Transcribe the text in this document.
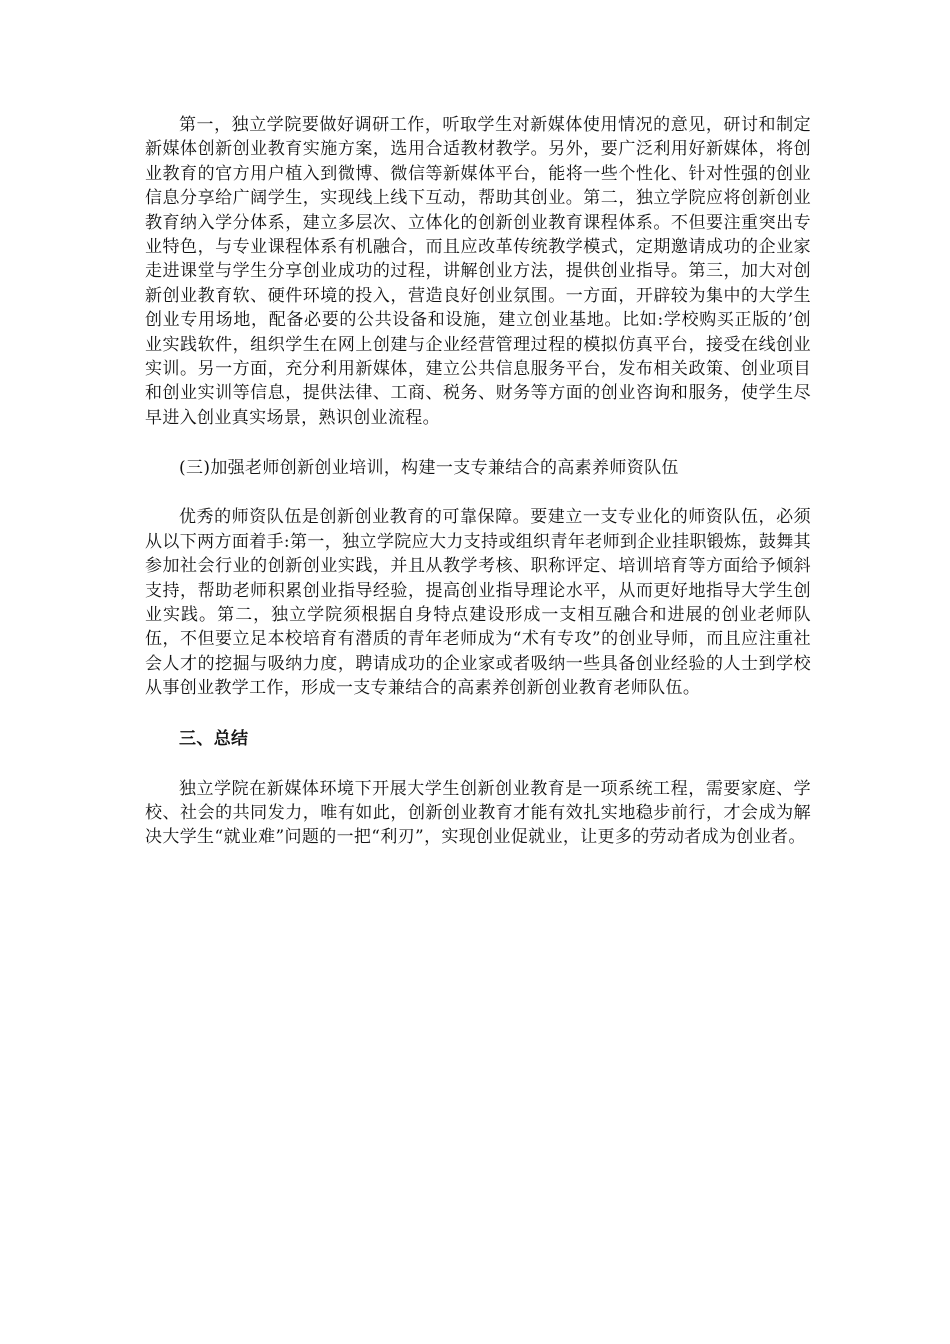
第一，独立学院要做好调研工作，听取学生对新媒体使用情况的意见，研讨和制定新媒体创新创业教育实施方案，选用合适教材教学。另外，要广泛利用好新媒体，将创业教育的官方用户植入到微博、微信等新媒体平台，能将一些个性化、针对性强的创业信息分享给广阔学生，实现线上线下互动，帮助其创业。第二，独立学院应将创新创业教育纳入学分体系，建立多层次、立体化的创新创业教育课程体系。不但要注重突出专业特色，与专业课程体系有机融合，而且应改革传统教学模式，定期邀请成功的企业家走进课堂与学生分享创业成功的过程，讲解创业方法，提供创业指导。第三，加大对创新创业教育软、硬件环境的投入，营造良好创业氛围。一方面，开辟较为集中的大学生创业专用场地，配备必要的公共设备和设施，建立创业基地。比如:学校购买正版的’创业实践软件，组织学生在网上创建与企业经营管理过程的模拟仿真平台，接受在线创业实训。另一方面，充分利用新媒体，建立公共信息服务平台，发布相关政策、创业项目和创业实训等信息，提供法律、工商、税务、财务等方面的创业咨询和服务，使学生尽早进入创业真实场景，熟识创业流程。

(三)加强老师创新创业培训，构建一支专兼结合的高素养师资队伍

优秀的师资队伍是创新创业教育的可靠保障。要建立一支专业化的师资队伍，必须从以下两方面着手:第一，独立学院应大力支持或组织青年老师到企业挂职锻炼，鼓舞其参加社会行业的创新创业实践，并且从教学考核、职称评定、培训培育等方面给予倾斜支持，帮助老师积累创业指导经验，提高创业指导理论水平，从而更好地指导大学生创业实践。第二，独立学院须根据自身特点建设形成一支相互融合和进展的创业老师队伍，不但要立足本校培育有潜质的青年老师成为“术有专攻”的创业导师，而且应注重社会人才的挖掘与吸纳力度，聘请成功的企业家或者吸纳一些具备创业经验的人士到学校从事创业教学工作，形成一支专兼结合的高素养创新创业教育老师队伍。

三、总结

独立学院在新媒体环境下开展大学生创新创业教育是一项系统工程，需要家庭、学校、社会的共同发力，唯有如此，创新创业教育才能有效扎实地稳步前行，才会成为解决大学生“就业难”问题的一把“利刃”，实现创业促就业，让更多的劳动者成为创业者。
